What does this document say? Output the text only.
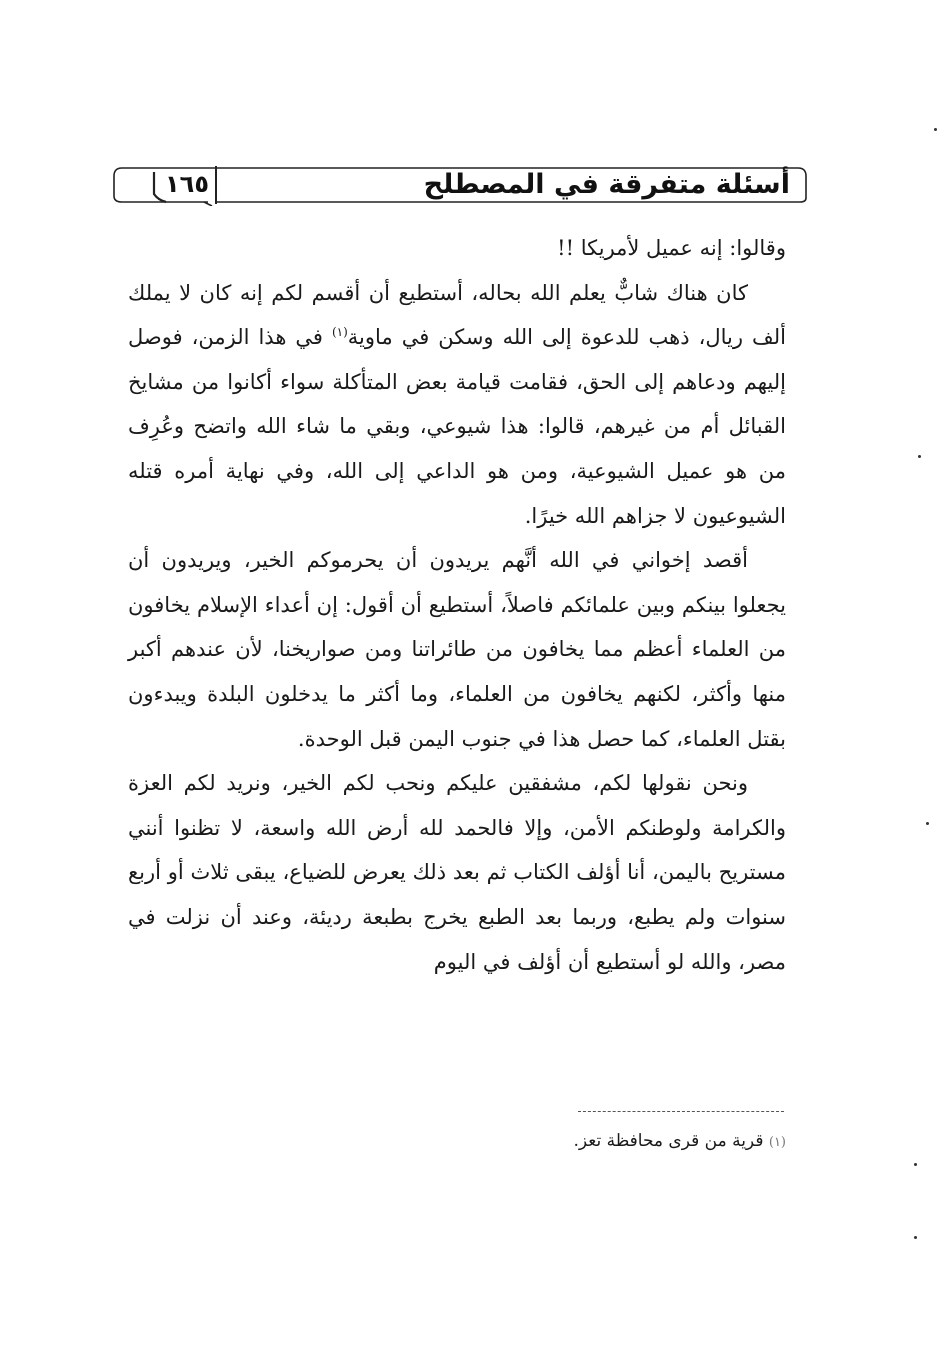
أسئلة متفرقة في المصطلح
١٦٥

وقالوا: إنه عميل لأمريكا !!

كان هناك شابٌّ يعلم الله بحاله، أستطيع أن أقسم لكم إنه كان لا يملك ألف ريال، ذهب للدعوة إلى الله وسكن في ماوية$^{(١)}$ في هذا الزمن، فوصل إليهم ودعاهم إلى الحق، فقامت قيامة بعض المتأكلة سواء أكانوا من مشايخ القبائل أم من غيرهم، قالوا: هذا شيوعي، وبقي ما شاء الله واتضح وعُرِف من هو عميل الشيوعية، ومن هو الداعي إلى الله، وفي نهاية أمره قتله الشيوعيون لا جزاهم الله خيرًا.

أقصد إخواني في الله أنَّهم يريدون أن يحرموكم الخير، ويريدون أن يجعلوا بينكم وبين علمائكم فاصلاً، أستطيع أن أقول: إن أعداء الإسلام يخافون من العلماء أعظم مما يخافون من طائراتنا ومن صواريخنا، لأن عندهم أكبر منها وأكثر، لكنهم يخافون من العلماء، وما أكثر ما يدخلون البلدة ويبدءون بقتل العلماء، كما حصل هذا في جنوب اليمن قبل الوحدة.

ونحن نقولها لكم، مشفقين عليكم ونحب لكم الخير، ونريد لكم العزة والكرامة ولوطنكم الأمن، وإلا فالحمد لله أرض الله واسعة، لا تظنوا أنني مستريح باليمن، أنا أؤلف الكتاب ثم بعد ذلك يعرض للضياع، يبقى ثلاث أو أربع سنوات ولم يطبع، وربما بعد الطبع يخرج بطبعة رديئة، وعند أن نزلت في مصر، والله لو أستطيع أن أؤلف في اليوم

(١) قرية من قرى محافظة تعز.
